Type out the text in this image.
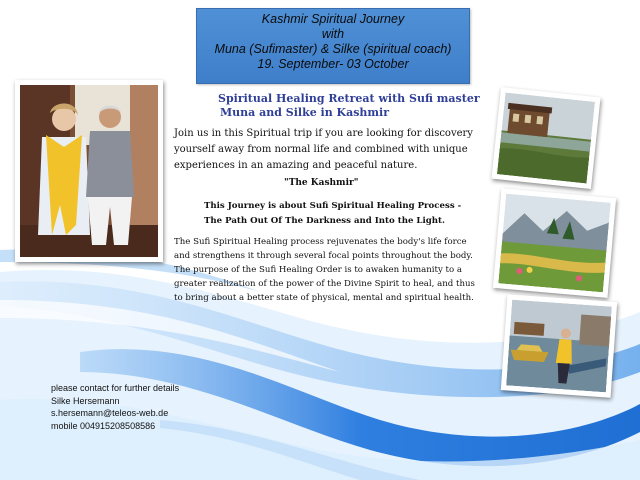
Kashmir Spiritual Journey
with
Muna (Sufimaster) & Silke (spiritual coach)
19. September- 03 October
Spiritual Healing Retreat with Sufi master
Muna and Silke in Kashmir
Join us in this Spiritual trip if you are looking for discovery
yourself away from normal life and combined with unique
experiences in an amazing and peaceful nature.
"The Kashmir"
This Journey is about Sufi Spiritual Healing Process -
The Path Out Of The Darkness and Into the Light.
The Sufi Spiritual Healing process rejuvenates the body's life force
and strengthens it through several focal points throughout the body.
The purpose of the Sufi Healing Order is to awaken humanity to a
greater realization of the power of the Divine Spirit to heal, and thus
to bring about a better state of physical, mental and spiritual health.
please contact for further details
Silke Hersemann
s.hersemann@teleos-web.de
mobile 004915208508586
